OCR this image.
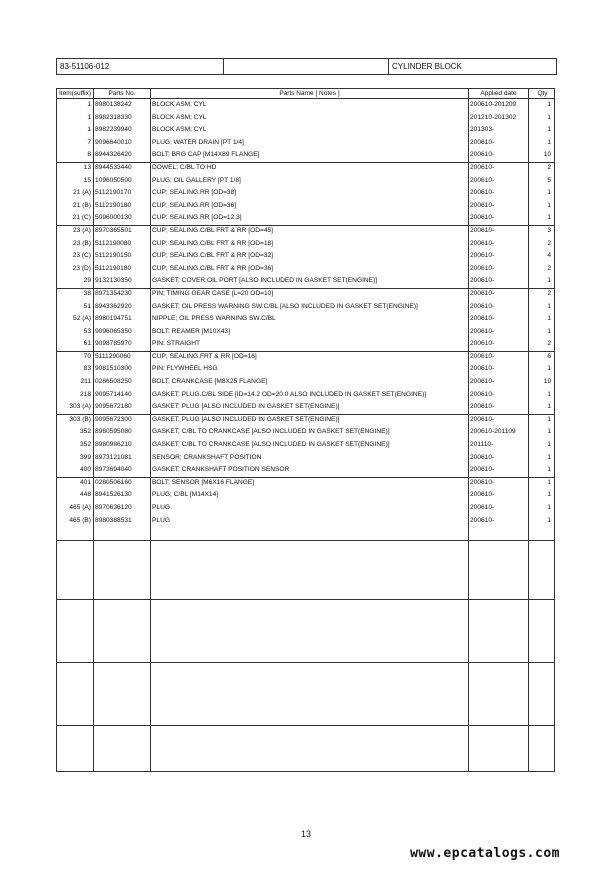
83-51106-012	CYLINDER BLOCK
Item(suffix)	Parts No.	Parts Name [ Notes ]	Applied date	Qty
1 8980138242	BLOCK ASM; CYL	200610-201209	1
1 8982318330	BLOCK ASM; CYL	201210-201302	1
1 8982239940	BLOCK ASM; CYL	201303-	1
7 9096640010	PLUG; WATER DRAIN [PT 1/4]	200610-	1
8 8944326420	BOLT; BRG CAP [M14X89 FLANGE]	200610-	10
13 8944533440	DOWEL; C/BL TO HD	200610-	2
15 1096050500	PLUG; OIL GALLERY [PT 1/8]	200610-	5
21 (A) 5112190170	CUP; SEALING.RR [OD=38]	200610-	1
21 (B) 5112190180	CUP; SEALING.RR [OD=36]	200610-	1
21 (C) 5096000130	CUP; SEALING.RR [OD=12.3]	200610-	1
23 (A) 8970365501	CUP; SEALING.C/BL FRT & RR [OD=45]	200610-	3
23 (B) 5112190080	CUP; SEALING.C/BL FRT & RR [OD=18]	200610-	2
23 (C) 5112190150	CUP; SEALING.C/BL FRT & RR [OD=32]	200610-	4
23 (D) 5112190180	CUP; SEALING.C/BL FRT & RR [OD=36]	200610-	2
29 9132130350	GASKET; COVER,OIL PORT [ALSO INCLUDED IN GASKET SET(ENGINE)]	200610-	1
38 8971354230	PIN; TIMING GEAR CASE [L=20 OD=10]	200610-	2
51 8943362920	GASKET; OIL PRESS WARNING SW.C/BL [ALSO INCLUDED IN GASKET SET(ENGINE)]	200610-	1
52 (A) 8980194751	NIPPLE; OIL PRESS WARNING SW.C/BL	200610-	1
53 9096065350	BOLT; REAMER [M10X43]	200610-	1
61 9098785970	PIN; STRAIGHT	200610-	2
70 5111290060	CUP; SEALING.FRT & RR [OD=16]	200610-	6
83 9081510300	PIN; FLYWHEEL HSG	200610-	1
211 0286508250	BOLT; CRANKCASE [M8X25 FLANGE]	200610-	19
218 9095714140	GASKET; PLUG.C/BL SIDE [ID=14.2 OD=20.0 ALSO INCLUDED IN GASKET SET(ENGINE)]	200610-	1
303 (A) 9095672180	GASKET; PLUG [ALSO INCLUDED IN GASKET SET(ENGINE)]	200610-	1
303 (B) 9095672300	GASKET; PLUG [ALSO INCLUDED IN GASKET SET(ENGINE)]	200610-	1
352 8960595080	GASKET; C/BL TO CRANKCASE [ALSO INCLUDED IN GASKET SET(ENGINE)]	200610-201109	1
352 8980986210	GASKET; C/BL TO CRANKCASE [ALSO INCLUDED IN GASKET SET(ENGINE)]	201110-	1
399 8973121081	SENSOR; CRANKSHAFT POSITION	200610-	1
400 8973694040	GASKET; CRANKSHAFT POSITION SENSOR	200610-	1
401 0280506160	BOLT; SENSOR [M6X16 FLANGE]	200610-	1
448 8941526130	PLUG; C/BL [M14X14]	200610-	1
465 (A) 8970636120	PLUG	200610-	1
465 (B) 8980388531	PLUG	200610-	1
13
www.epcatalogs.com
